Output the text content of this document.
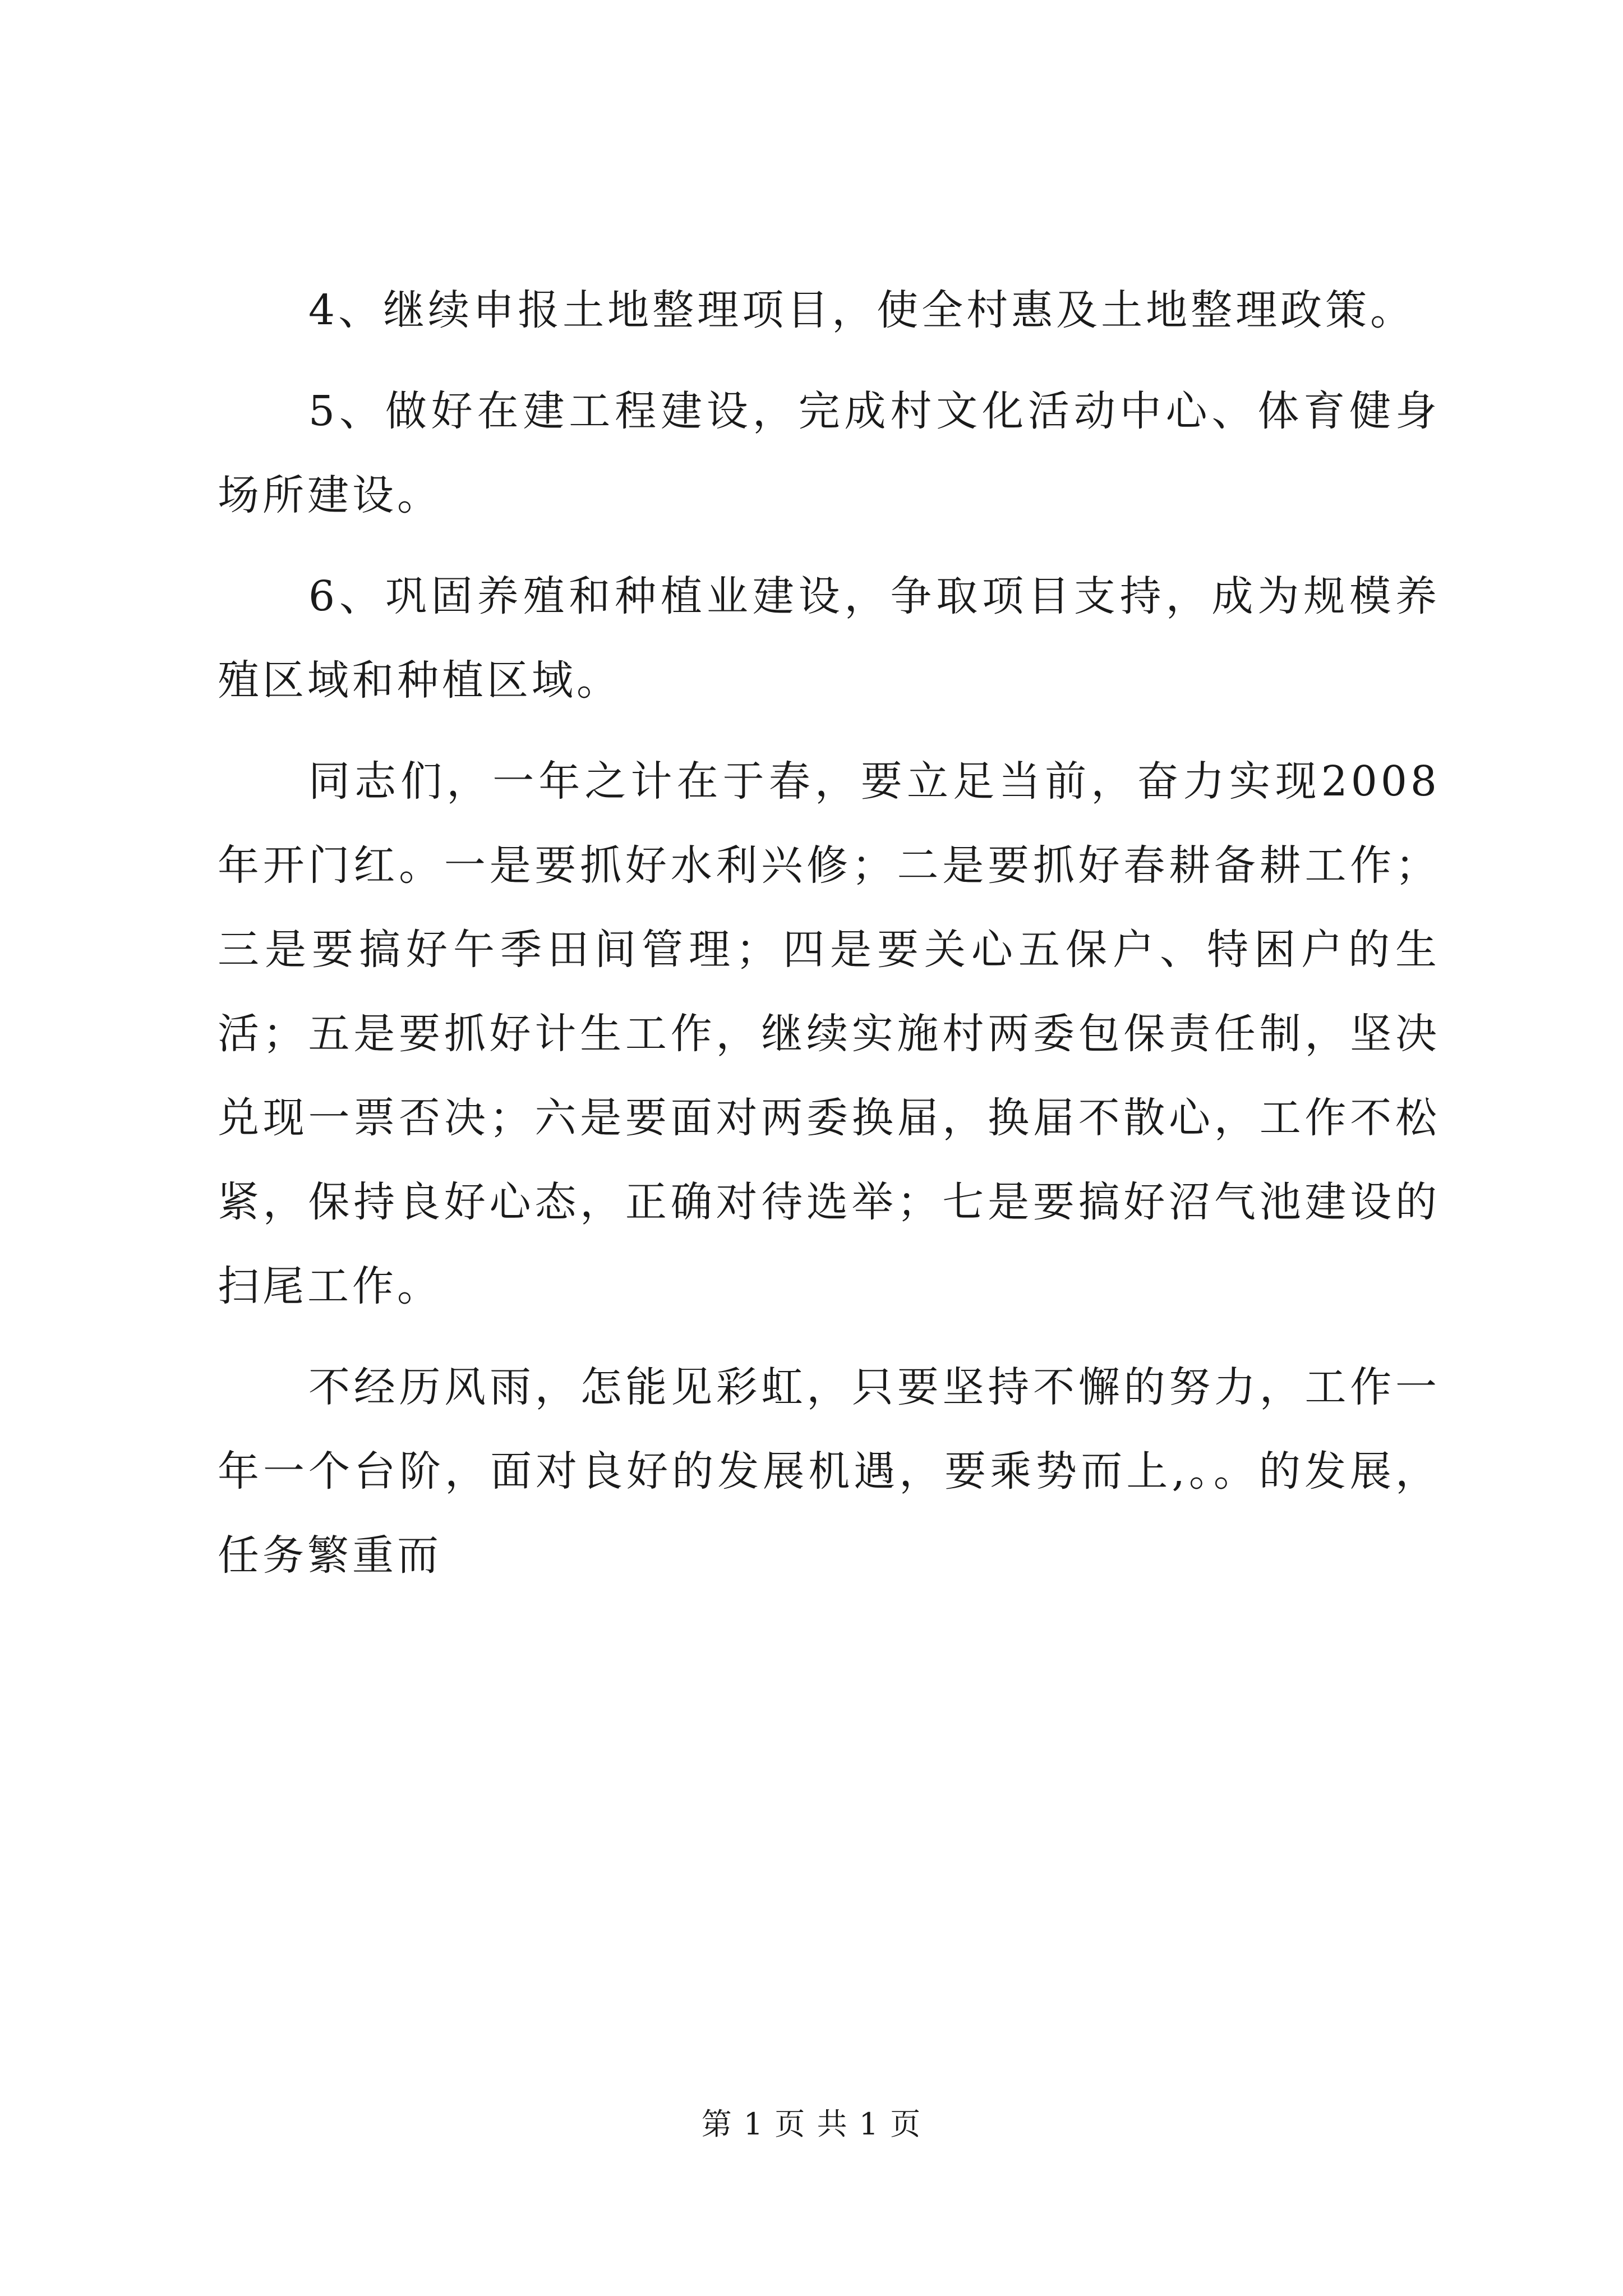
4、继续申报土地整理项目，使全村惠及土地整理政策。

5、做好在建工程建设，完成村文化活动中心、体育健身场所建设。

6、巩固养殖和种植业建设，争取项目支持，成为规模养殖区域和种植区域。

同志们，一年之计在于春，要立足当前，奋力实现2008年开门红。一是要抓好水利兴修；二是要抓好春耕备耕工作；三是要搞好午季田间管理；四是要关心五保户、特困户的生活；五是要抓好计生工作，继续实施村两委包保责任制，坚决兑现一票否决；六是要面对两委换届，换届不散心，工作不松紧，保持良好心态，正确对待选举；七是要搞好沼气池建设的扫尾工作。

不经历风雨，怎能见彩虹，只要坚持不懈的努力，工作一年一个台阶，面对良好的发展机遇，要乘势而上,。。的发展，任务繁重而

第 1 页 共 1 页
